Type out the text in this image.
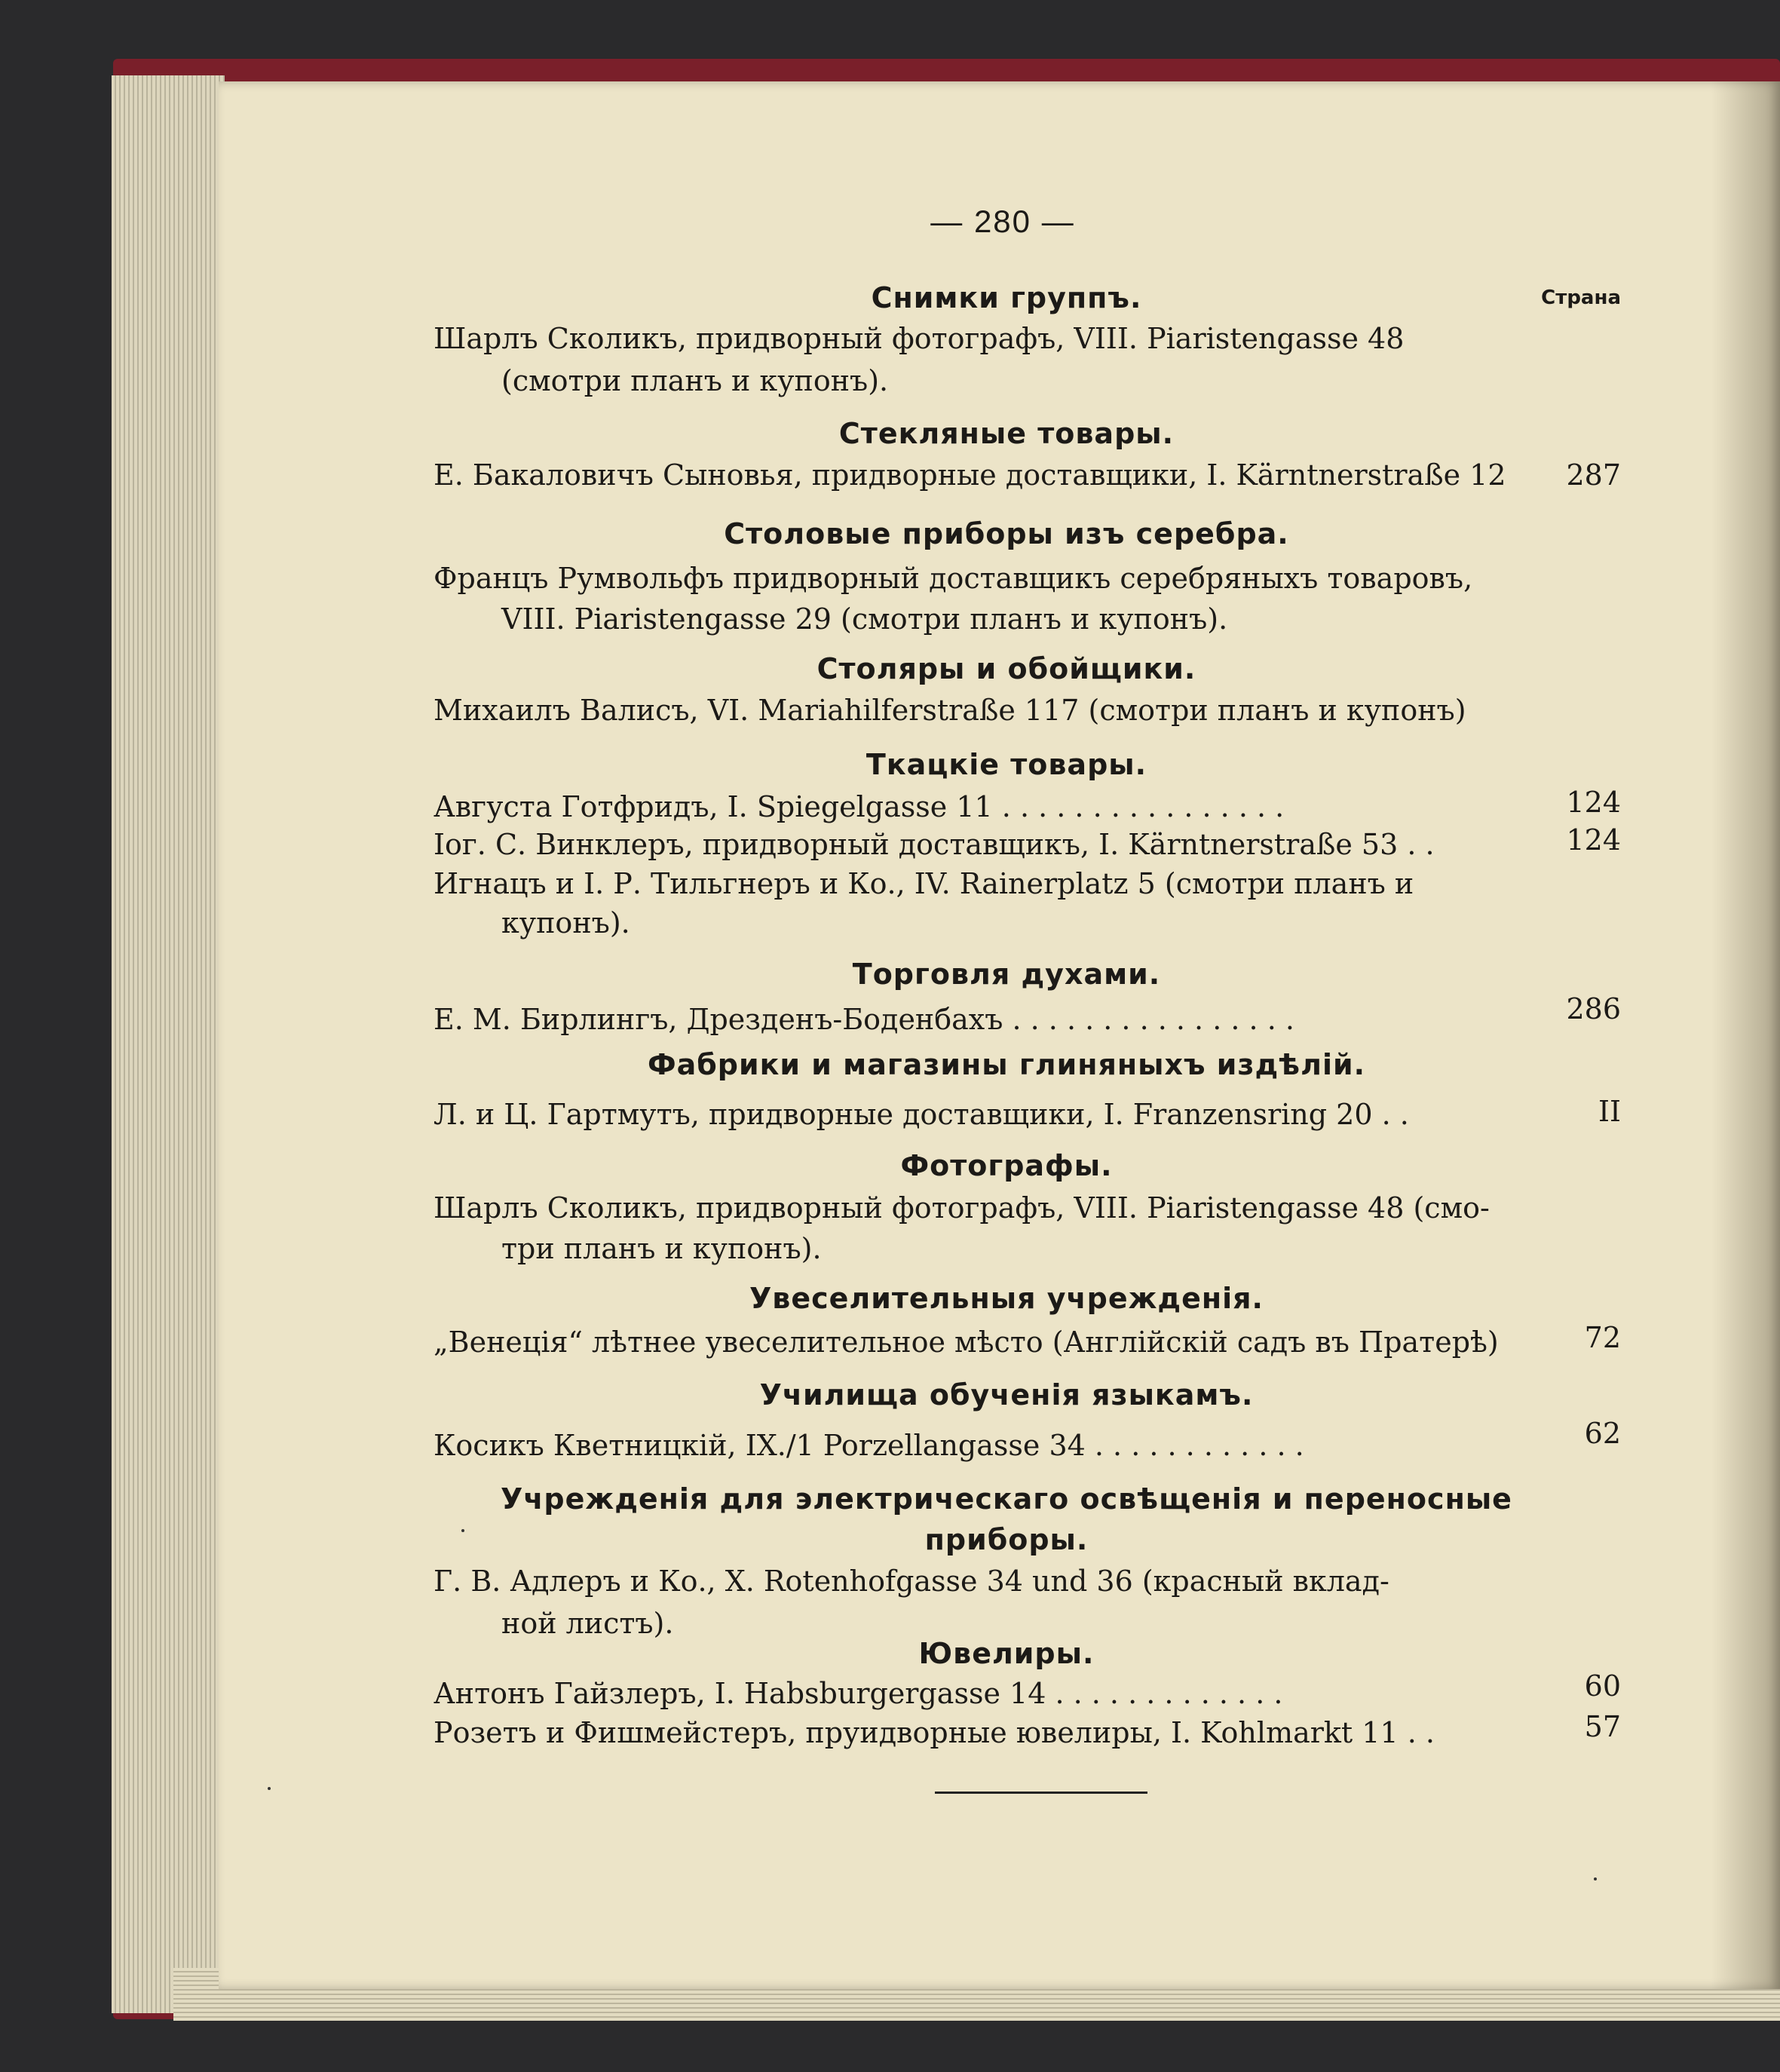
— 280 —
Страна
Снимки группъ.
Шарлъ Сколикъ, придворный фотографъ, VIII. Piaristengasse 48
(смотри планъ и купонъ).
Стекляные товары.
Е. Бакаловичъ Сыновья, придворные доставщики, I. Kärntnerstraße 12	287
Столовые приборы изъ серебра.
Францъ Румвольфъ придворный доставщикъ серебряныхъ товаровъ,
VIII. Piaristengasse 29 (смотри планъ и купонъ).
Столяры и обойщики.
Михаилъ Валисъ, VI. Mariahilferstraße 117 (смотри планъ и купонъ)
Ткацкiе товары.
Августа Готфридъ, I. Spiegelgasse 11 . . . . . . . . . . . . . . . .	124
Iог. С. Винклеръ, придворный доставщикъ, I. Kärntnerstraße 53 . .	124
Игнацъ и I. Р. Тильгнеръ и Ко., IV. Rainerplatz 5 (смотри планъ и
купонъ).
Торговля духами.
Е. М. Бирлингъ, Дрезденъ-Боденбахъ . . . . . . . . . . . . . . . .	286
Фабрики и магазины глиняныхъ издѣлiй.
Л. и Ц. Гартмутъ, придворные доставщики, I. Franzensring 20 . .	II
Фотографы.
Шарлъ Сколикъ, придворный фотографъ, VIII. Piaristengasse 48 (смо-
три планъ и купонъ).
Увеселительныя учрежденiя.
„Венецiя“ лѣтнее увеселительное мѣсто (Англiйскiй садъ въ Пратерѣ)	72
Училища обученiя языкамъ.
Косикъ Кветницкiй, IX./1 Porzellangasse 34 . . . . . . . . . . . .	62
Учрежденiя для электрическаго освѣщенiя и переносные приборы.
Г. В. Адлеръ и Ко., X. Rotenhofgasse 34 und 36 (красный вклад-
ной листъ).
Ювелиры.
Антонъ Гайзлеръ, I. Habsburgergasse 14 . . . . . . . . . . . . .	60
Розетъ и Фишмейстеръ, пруидворные ювелиры, I. Kohlmarkt 11 . .	57
